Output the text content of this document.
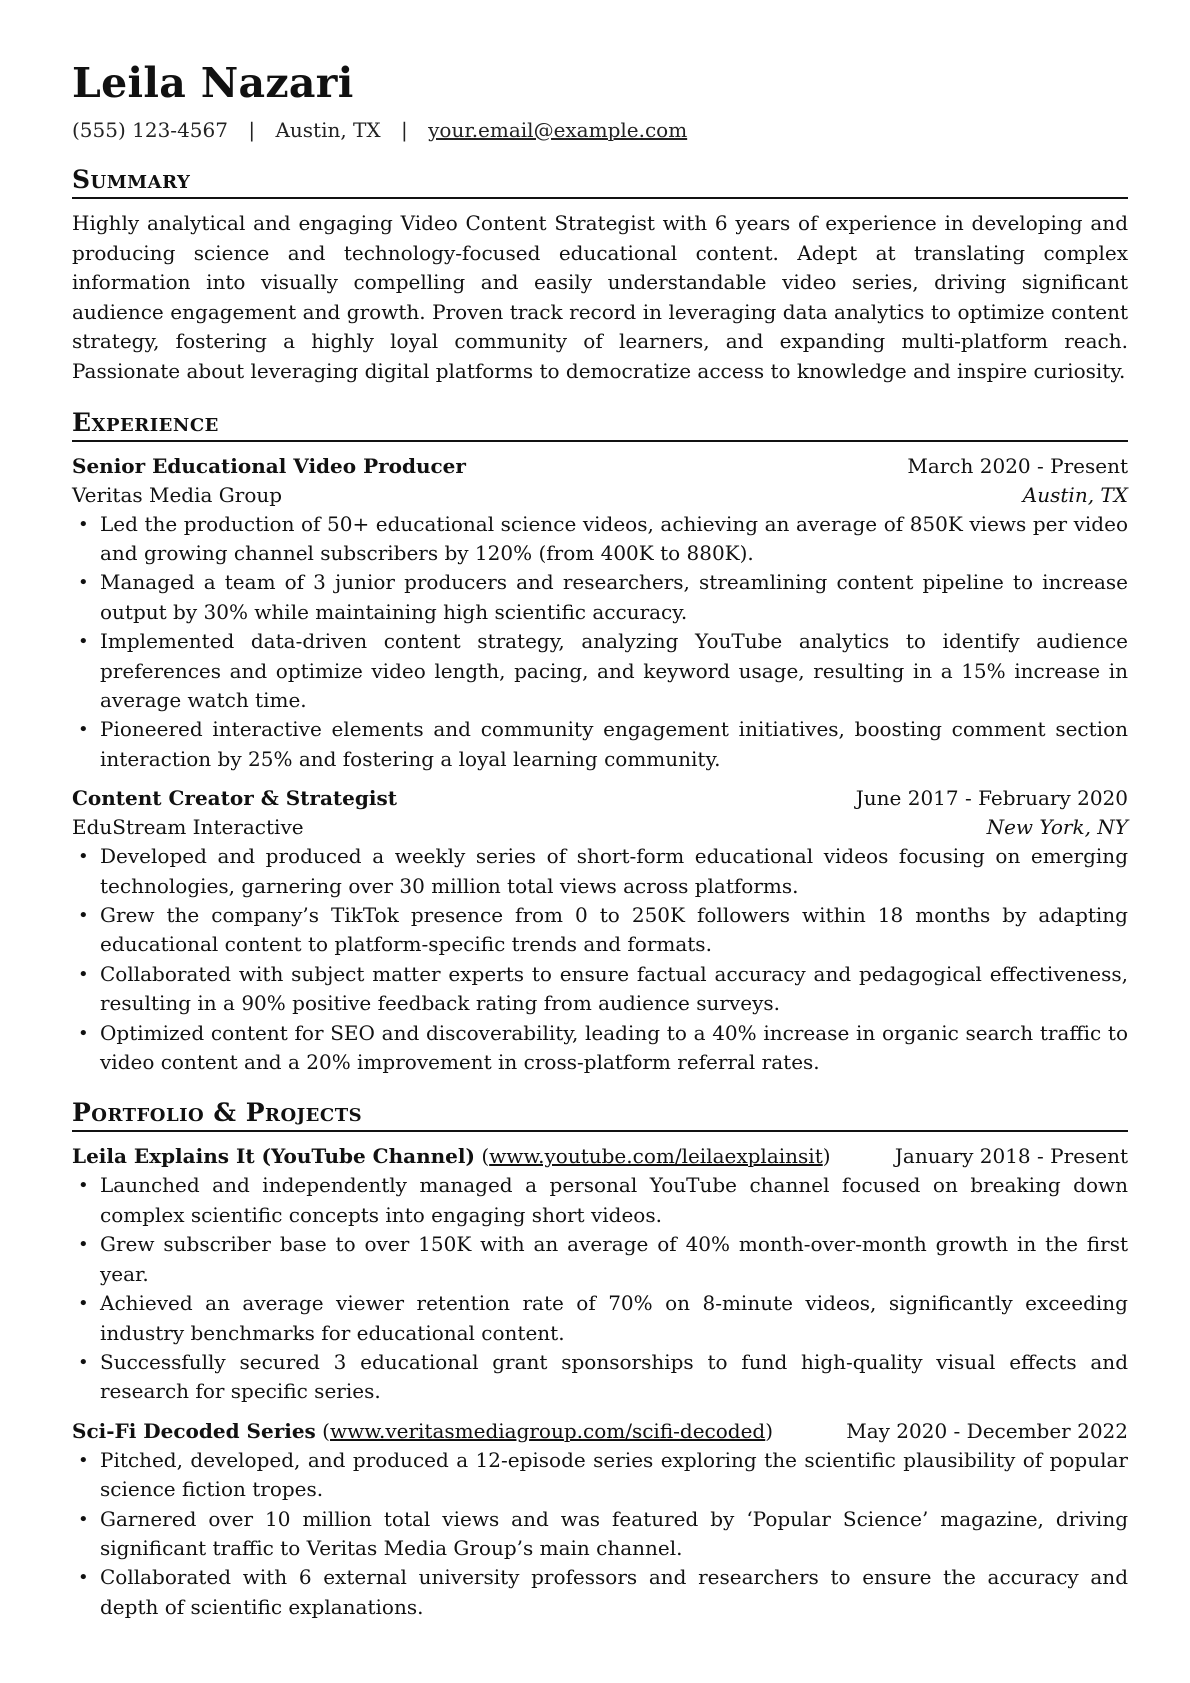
Leila Nazari
(555) 123-4567 | Austin, TX | your.email@example.com
Summary

Highly analytical and engaging Video Content Strategist with 6 years of experience in developing and producing science and technology-focused educational content. Adept at translating complex information into visually compelling and easily understandable video series, driving significant audience engagement and growth. Proven track record in leveraging data analytics to optimize content strategy, fostering a highly loyal community of learners, and expanding multi-platform reach. Passionate about leveraging digital platforms to democratize access to knowledge and inspire curiosity.

Experience
Senior Educational Video Producer	March 2020 - Present
Veritas Media Group	Austin, TX
• Led the production of 50+ educational science videos, achieving an average of 850K views per video and growing channel subscribers by 120% (from 400K to 880K).
• Managed a team of 3 junior producers and researchers, streamlining content pipeline to increase output by 30% while maintaining high scientific accuracy.
• Implemented data-driven content strategy, analyzing YouTube analytics to identify audience preferences and optimize video length, pacing, and keyword usage, resulting in a 15% increase in average watch time.
• Pioneered interactive elements and community engagement initiatives, boosting comment section interaction by 25% and fostering a loyal learning community.
Content Creator & Strategist	June 2017 - February 2020
EduStream Interactive	New York, NY
• Developed and produced a weekly series of short-form educational videos focusing on emerging technologies, garnering over 30 million total views across platforms.
• Grew the company’s TikTok presence from 0 to 250K followers within 18 months by adapting educational content to platform-specific trends and formats.
• Collaborated with subject matter experts to ensure factual accuracy and pedagogical effectiveness, resulting in a 90% positive feedback rating from audience surveys.
• Optimized content for SEO and discoverability, leading to a 40% increase in organic search traffic to video content and a 20% improvement in cross-platform referral rates.
Portfolio & Projects
Leila Explains It (YouTube Channel) (www.youtube.com/leilaexplainsit)	January 2018 - Present
• Launched and independently managed a personal YouTube channel focused on breaking down complex scientific concepts into engaging short videos.
• Grew subscriber base to over 150K with an average of 40% month-over-month growth in the first year.
• Achieved an average viewer retention rate of 70% on 8-minute videos, significantly exceeding industry benchmarks for educational content.
• Successfully secured 3 educational grant sponsorships to fund high-quality visual effects and research for specific series.
Sci-Fi Decoded Series (www.veritasmediagroup.com/scifi-decoded)	May 2020 - December 2022
• Pitched, developed, and produced a 12-episode series exploring the scientific plausibility of popular science fiction tropes.
• Garnered over 10 million total views and was featured by ‘Popular Science’ magazine, driving significant traffic to Veritas Media Group’s main channel.
• Collaborated with 6 external university professors and researchers to ensure the accuracy and depth of scientific explanations.
